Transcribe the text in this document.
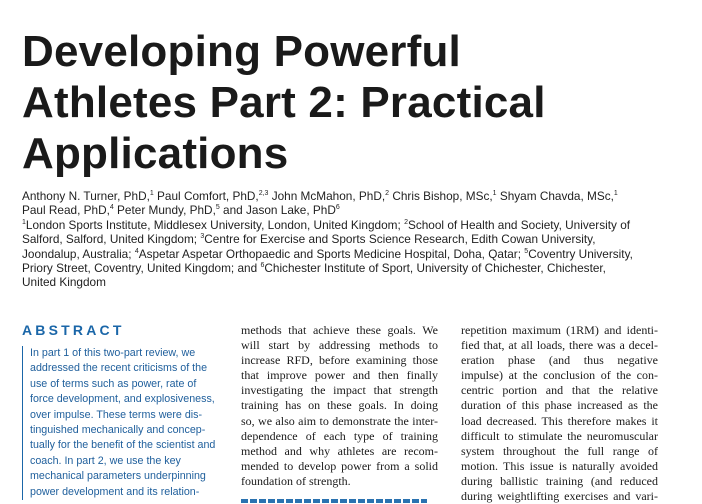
Developing Powerful
Athletes Part 2: Practical
Applications

Anthony N. Turner, PhD,$^1$ Paul Comfort, PhD,$^{2,3}$ John McMahon, PhD,$^2$ Chris Bishop, MSc,$^1$ Shyam Chavda, MSc,$^1$

Paul Read, PhD,$^4$ Peter Mundy, PhD,$^5$ and Jason Lake, PhD$^6$

$^1$London Sports Institute, Middlesex University, London, United Kingdom; $^2$School of Health and Society, University of

Salford, Salford, United Kingdom; $^3$Centre for Exercise and Sports Science Research, Edith Cowan University,

Joondalup, Australia; $^4$Aspetar Aspetar Orthopaedic and Sports Medicine Hospital, Doha, Qatar; $^5$Coventry University,

Priory Street, Coventry, United Kingdom; and $^6$Chichester Institute of Sport, University of Chichester, Chichester,

United Kingdom

ABSTRACT

In part 1 of this two-part review, we

addressed the recent criticisms of the

use of terms such as power, rate of

force development, and explosiveness,

over impulse. These terms were dis-

tinguished mechanically and concep-

tually for the benefit of the scientist and

coach. In part 2, we use the key

mechanical parameters underpinning

power development and its relation-

methods that achieve these goals. We

will start by addressing methods to

increase RFD, before examining those

that improve power and then finally

investigating the impact that strength

training has on these goals. In doing

so, we also aim to demonstrate the inter-

dependence of each type of training

method and why athletes are recom-

mended to develop power from a solid

foundation of strength.

repetition maximum (1RM) and identi-

fied that, at all loads, there was a decel-

eration phase (and thus negative

impulse) at the conclusion of the con-

centric portion and that the relative

duration of this phase increased as the

load decreased. This therefore makes it

difficult to stimulate the neuromuscular

system throughout the full range of

motion. This issue is naturally avoided

during ballistic training (and reduced

during weightlifting exercises and vari-
